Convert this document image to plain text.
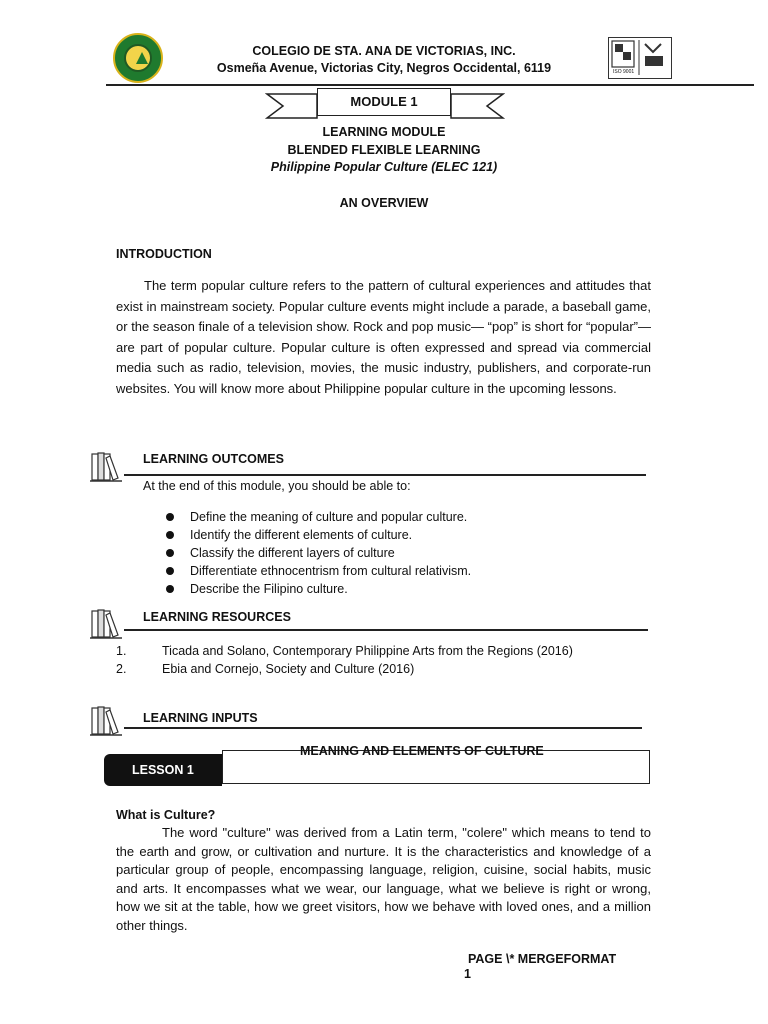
ISO 9001	UKAS
COLEGIO DE STA. ANA DE VICTORIAS, INC.
Osmeña Avenue, Victorias City, Negros Occidental, 6119
MODULE 1
LEARNING MODULE
BLENDED FLEXIBLE LEARNING
Philippine Popular Culture (ELEC 121)
AN OVERVIEW
INTRODUCTION
The term popular culture refers to the pattern of cultural experiences and attitudes that exist in mainstream society. Popular culture events might include a parade, a baseball game, or the season finale of a television show. Rock and pop music— “pop” is short for “popular”—are part of popular culture. Popular culture is often expressed and spread via commercial media such as radio, television, movies, the music industry, publishers, and corporate-run websites. You will know more about Philippine popular culture in the upcoming lessons.
LEARNING OUTCOMES
At the end of this module, you should be able to:
Define the meaning of culture and popular culture.
Identify the different elements of culture.
Classify the different layers of culture
Differentiate ethnocentrism from cultural relativism.
Describe the Filipino culture.
LEARNING RESOURCES
1.	Ticada and Solano, Contemporary Philippine Arts from the Regions (2016)
2.	Ebia and Cornejo, Society and Culture (2016)
LEARNING INPUTS
MEANING AND ELEMENTS OF CULTURE
LESSON 1
What is Culture?
The word "culture" was derived from a Latin term, "colere" which means to tend to the earth and grow, or cultivation and nurture. It is the characteristics and knowledge of a particular group of people, encompassing language, religion, cuisine, social habits, music and arts. It encompasses what we wear, our language, what we believe is right or wrong, how we sit at the table, how we greet visitors, how we behave with loved ones, and a million other things.
PAGE \* MERGEFORMAT
1
